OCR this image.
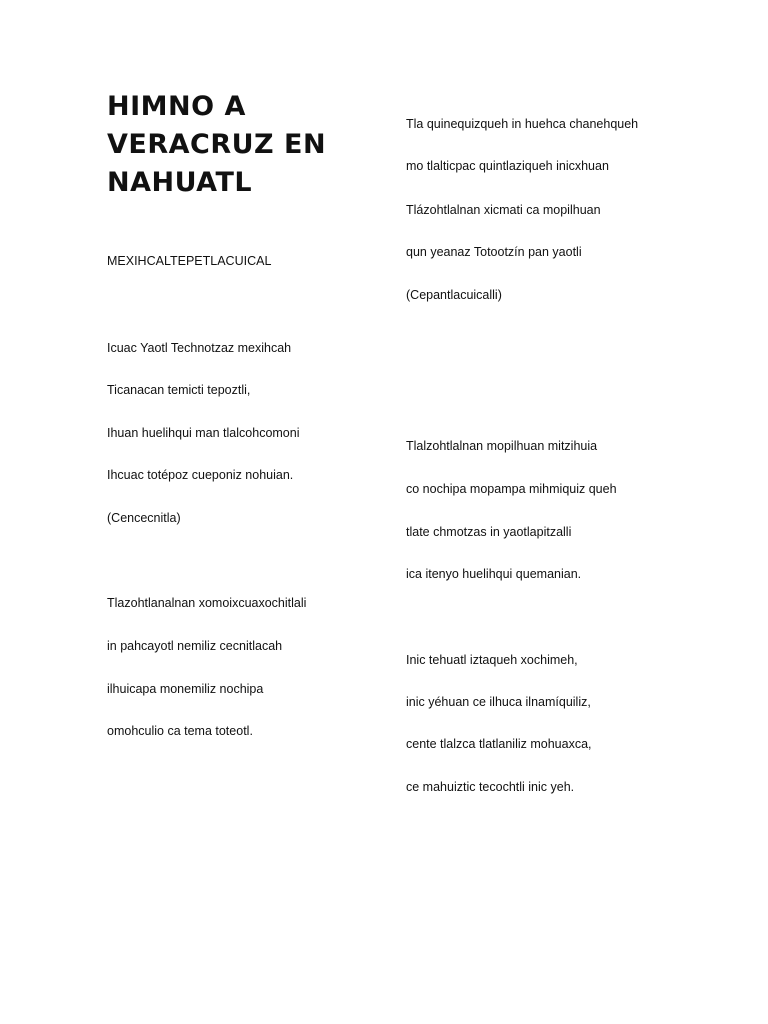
HIMNO A VERACRUZ EN NAHUATL
MEXIHCALTEPETLACUICAL
Icuac Yaotl Technotzaz mexihcah
Ticanacan temicti tepoztli,
Ihuan huelihqui man tlalcohcomoni
Ihcuac totépoz cueponiz nohuian.
(Cencecnitla)
Tlazohtlanalnan xomoixcuaxochitlali
in pahcayotl nemiliz cecnitlacah
ilhuicapa monemiliz nochipa
omohculio ca tema toteotl.
Tla quinequizqueh in huehca chanehqueh
mo tlalticpac quintlaziqueh inicxhuan
Tlázohtlalnan xicmati ca mopilhuan
qun yeanaz Totootzín pan yaotli
(Cepantlacuicalli)
Tlalzohtlalnan mopilhuan mitzihuia
co nochipa mopampa mihmiquiz queh
tlate chmotzas in yaotlapitzalli
ica itenyo huelihqui quemanian.
Inic tehuatl iztaqueh xochimeh,
inic yéhuan ce ilhuca ilnamíquiliz,
cente tlalzca tlatlaniliz mohuaxca,
ce mahuiztic tecochtli inic yeh.
